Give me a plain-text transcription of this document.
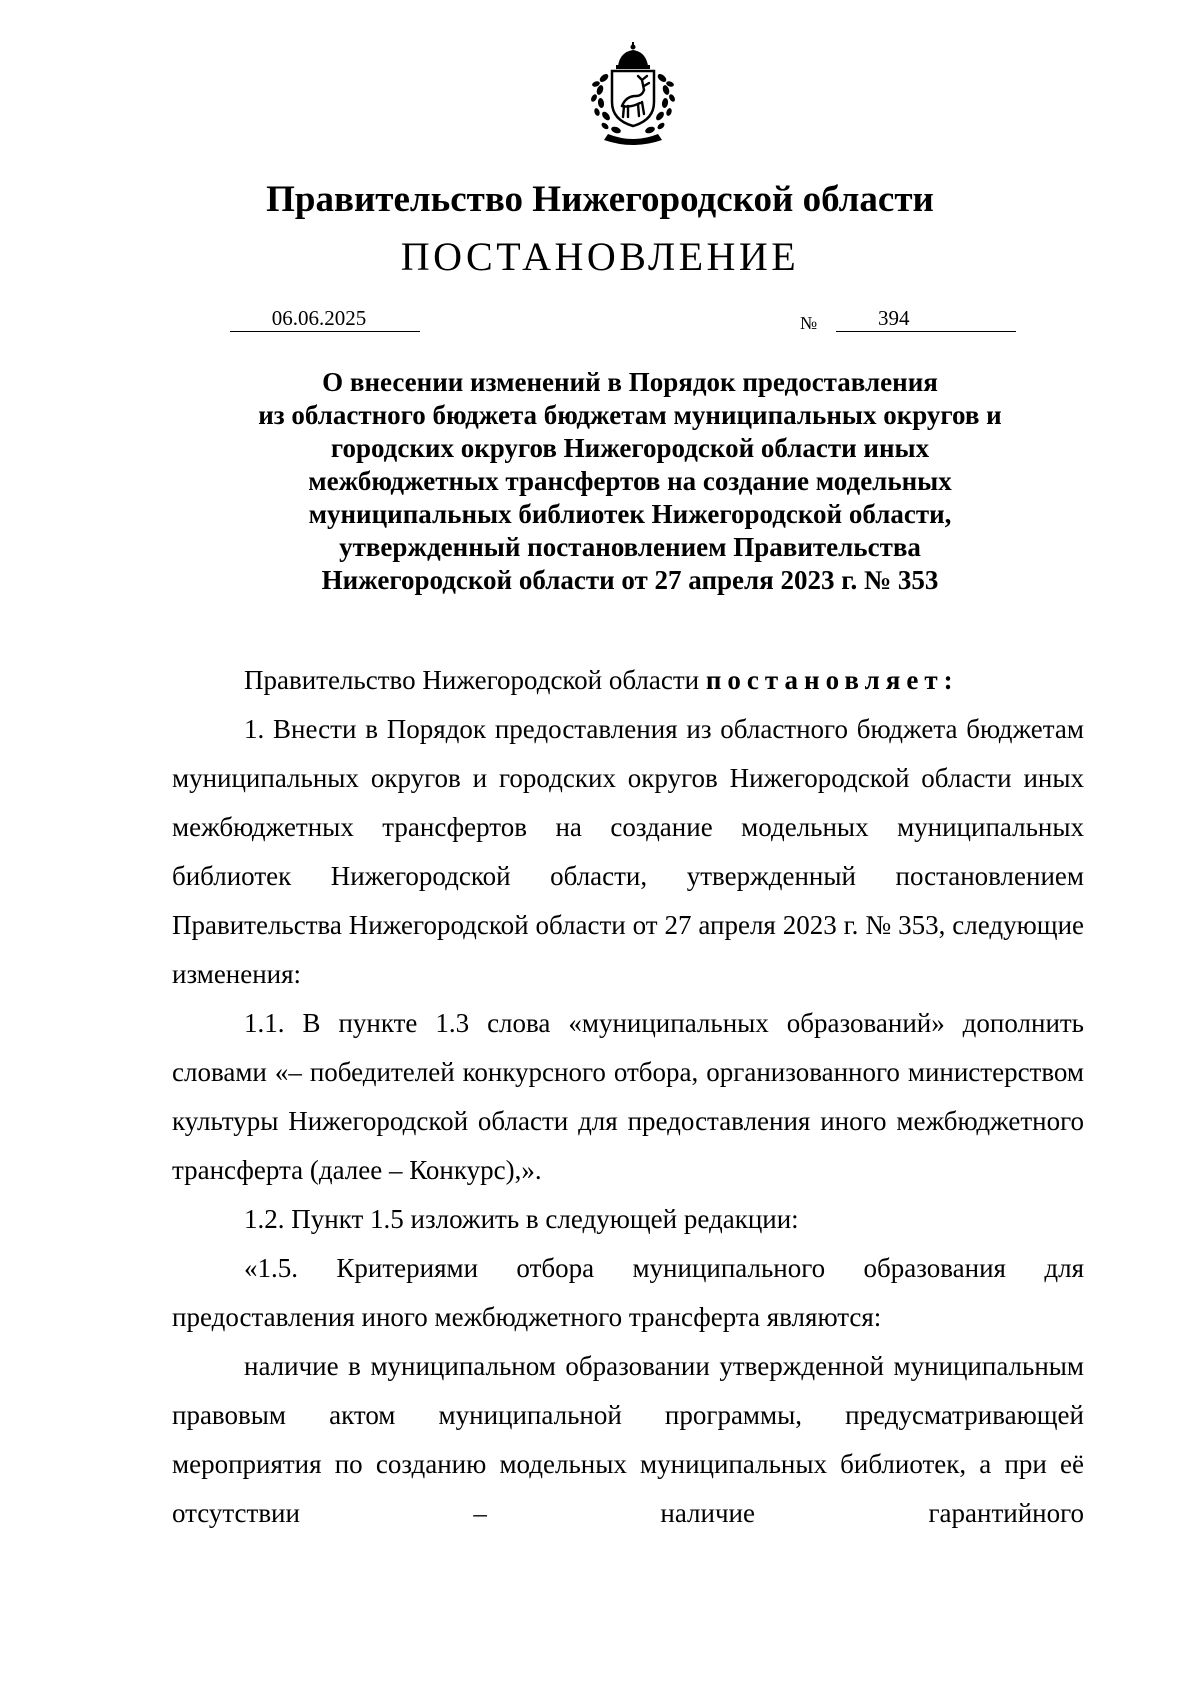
Правительство Нижегородской области
ПОСТАНОВЛЕНИЕ
06.06.2025	№	394
О внесении изменений в Порядок предоставления
из областного бюджета бюджетам муниципальных округов и
городских округов Нижегородской области иных
межбюджетных трансфертов на создание модельных
муниципальных библиотек Нижегородской области,
утвержденный постановлением Правительства
Нижегородской области от 27 апреля 2023 г. № 353

Правительство Нижегородской области постановляет:

1. Внести в Порядок предоставления из областного бюджета бюджетам муниципальных округов и городских округов Нижегородской области иных межбюджетных трансфертов на создание модельных муниципальных библиотек Нижегородской области, утвержденный постановлением Правительства Нижегородской области от 27 апреля 2023 г. № 353, следующие изменения:

1.1. В пункте 1.3 слова «муниципальных образований» дополнить словами «– победителей конкурсного отбора, организованного министерством культуры Нижегородской области для предоставления иного межбюджетного трансферта (далее – Конкурс),».

1.2. Пункт 1.5 изложить в следующей редакции:

«1.5. Критериями отбора муниципального образования для предоставления иного межбюджетного трансферта являются:

наличие в муниципальном образовании утвержденной муниципальным правовым актом муниципальной программы, предусматривающей мероприятия по созданию модельных муниципальных библиотек, а при её отсутствии – наличие гарантийного
